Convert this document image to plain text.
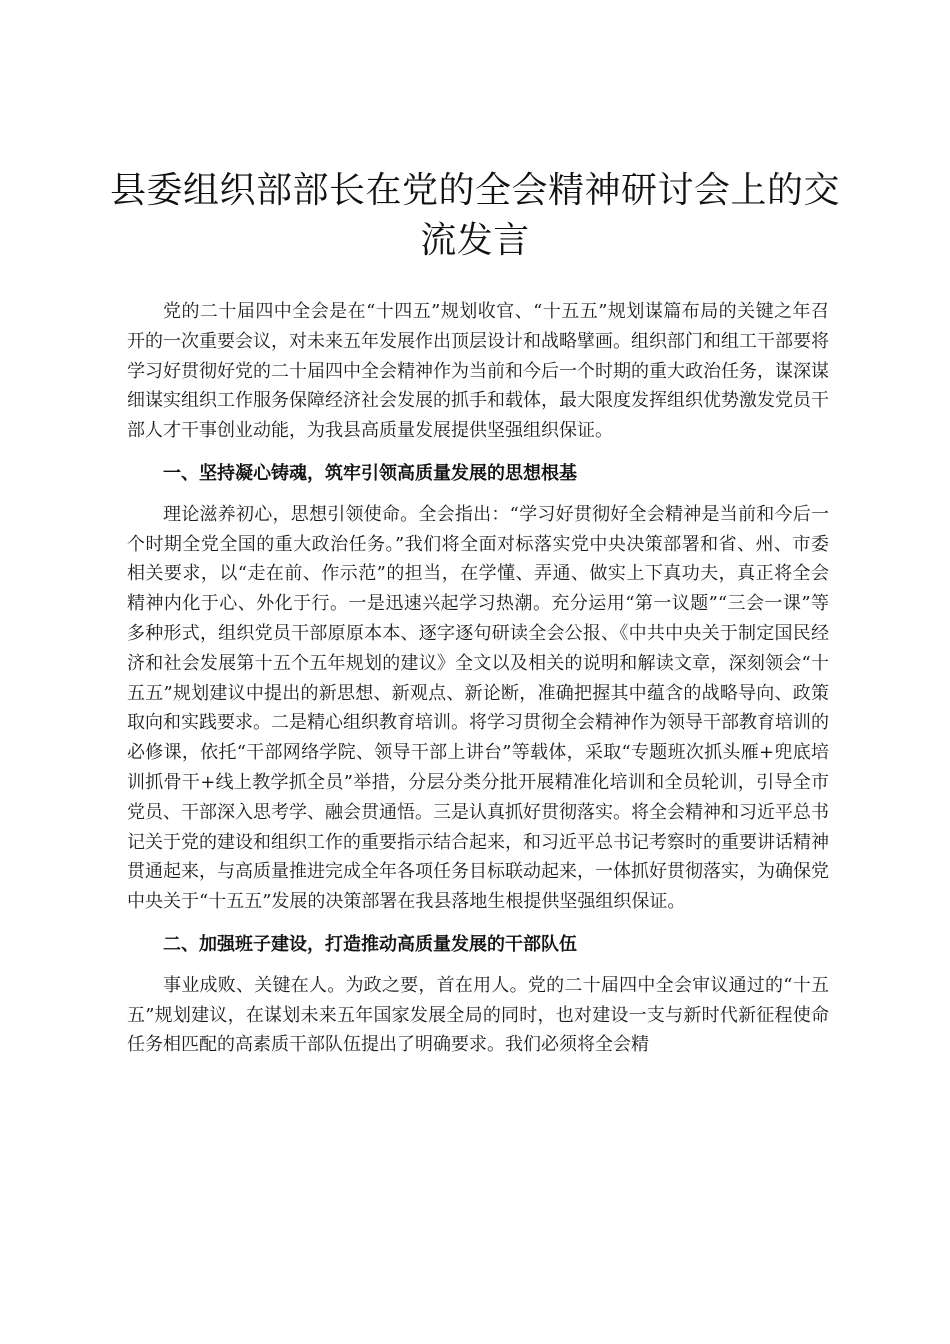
县委组织部部长在党的全会精神研讨会上的交流发言

党的二十届四中全会是在“十四五”规划收官、“十五五”规划谋篇布局的关键之年召开的一次重要会议，对未来五年发展作出顶层设计和战略擘画。组织部门和组工干部要将学习好贯彻好党的二十届四中全会精神作为当前和今后一个时期的重大政治任务，谋深谋细谋实组织工作服务保障经济社会发展的抓手和载体，最大限度发挥组织优势激发党员干部人才干事创业动能，为我县高质量发展提供坚强组织保证。

一、坚持凝心铸魂，筑牢引领高质量发展的思想根基

理论滋养初心，思想引领使命。全会指出：“学习好贯彻好全会精神是当前和今后一个时期全党全国的重大政治任务。”我们将全面对标落实党中央决策部署和省、州、市委相关要求，以“走在前、作示范”的担当，在学懂、弄通、做实上下真功夫，真正将全会精神内化于心、外化于行。一是迅速兴起学习热潮。充分运用“第一议题”“三会一课”等多种形式，组织党员干部原原本本、逐字逐句研读全会公报、《中共中央关于制定国民经济和社会发展第十五个五年规划的建议》全文以及相关的说明和解读文章，深刻领会“十五五”规划建议中提出的新思想、新观点、新论断，准确把握其中蕴含的战略导向、政策取向和实践要求。二是精心组织教育培训。将学习贯彻全会精神作为领导干部教育培训的必修课，依托“干部网络学院、领导干部上讲台”等载体，采取“专题班次抓头雁+兜底培训抓骨干+线上教学抓全员”举措，分层分类分批开展精准化培训和全员轮训，引导全市党员、干部深入思考学、融会贯通悟。三是认真抓好贯彻落实。将全会精神和习近平总书记关于党的建设和组织工作的重要指示结合起来，和习近平总书记考察时的重要讲话精神贯通起来，与高质量推进完成全年各项任务目标联动起来，一体抓好贯彻落实，为确保党中央关于“十五五”发展的决策部署在我县落地生根提供坚强组织保证。

二、加强班子建设，打造推动高质量发展的干部队伍

事业成败、关键在人。为政之要，首在用人。党的二十届四中全会审议通过的“十五五”规划建议，在谋划未来五年国家发展全局的同时，也对建设一支与新时代新征程使命任务相匹配的高素质干部队伍提出了明确要求。我们必须将全会精
